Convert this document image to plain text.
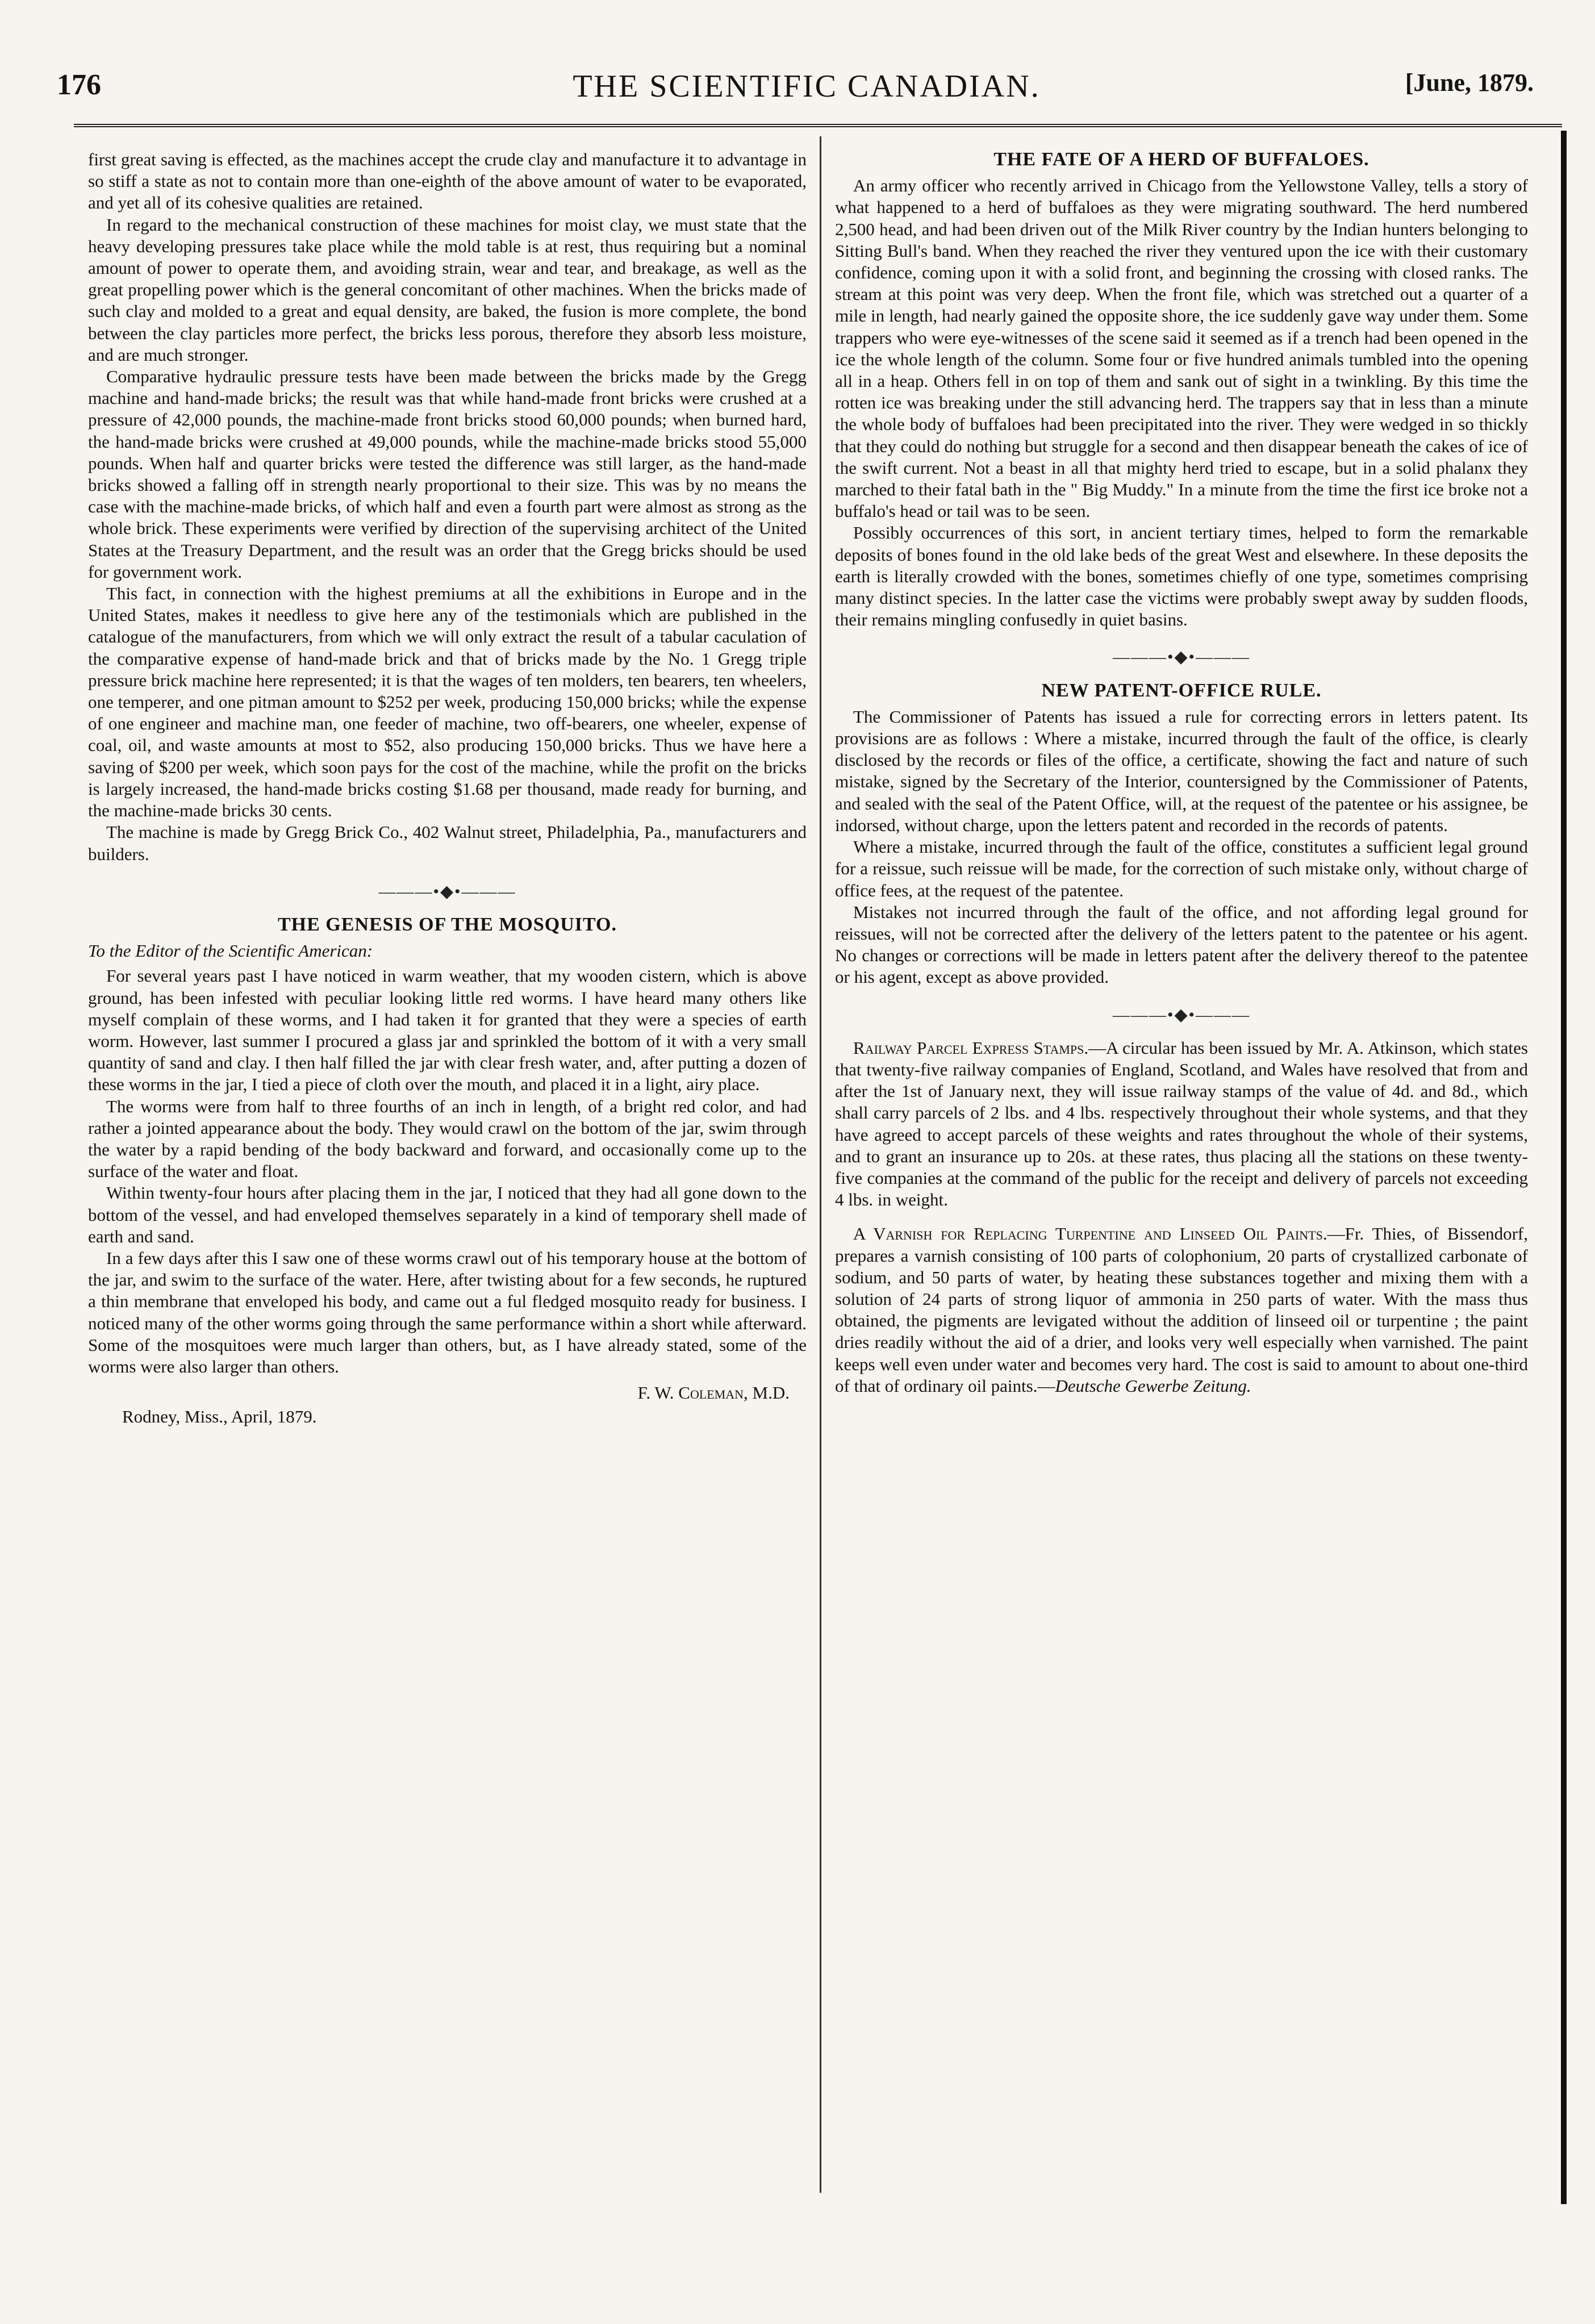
176	THE SCIENTIFIC CANADIAN.	[June, 1879.

first great saving is effected, as the machines accept the crude clay and manufacture it to advantage in so stiff a state as not to contain more than one-eighth of the above amount of water to be evaporated, and yet all of its cohesive qualities are retained.

In regard to the mechanical construction of these machines for moist clay, we must state that the heavy developing pressures take place while the mold table is at rest, thus requiring but a nominal amount of power to operate them, and avoiding strain, wear and tear, and breakage, as well as the great propelling power which is the general concomitant of other machines. When the bricks made of such clay and molded to a great and equal density, are baked, the fusion is more complete, the bond between the clay particles more perfect, the bricks less porous, therefore they absorb less moisture, and are much stronger.

Comparative hydraulic pressure tests have been made between the bricks made by the Gregg machine and hand-made bricks; the result was that while hand-made front bricks were crushed at a pressure of 42,000 pounds, the machine-made front bricks stood 60,000 pounds; when burned hard, the hand-made bricks were crushed at 49,000 pounds, while the machine-made bricks stood 55,000 pounds. When half and quarter bricks were tested the difference was still larger, as the hand-made bricks showed a falling off in strength nearly proportional to their size. This was by no means the case with the machine-made bricks, of which half and even a fourth part were almost as strong as the whole brick. These experiments were verified by direction of the supervising architect of the United States at the Treasury Department, and the result was an order that the Gregg bricks should be used for government work.

This fact, in connection with the highest premiums at all the exhibitions in Europe and in the United States, makes it needless to give here any of the testimonials which are published in the catalogue of the manufacturers, from which we will only extract the result of a tabular caculation of the comparative expense of hand-made brick and that of bricks made by the No. 1 Gregg triple pressure brick machine here represented; it is that the wages of ten molders, ten bearers, ten wheelers, one temperer, and one pitman amount to $252 per week, producing 150,000 bricks; while the expense of one engineer and machine man, one feeder of machine, two off-bearers, one wheeler, expense of coal, oil, and waste amounts at most to $52, also producing 150,000 bricks. Thus we have here a saving of $200 per week, which soon pays for the cost of the machine, while the profit on the bricks is largely increased, the hand-made bricks costing $1.68 per thousand, made ready for burning, and the machine-made bricks 30 cents.

The machine is made by Gregg Brick Co., 402 Walnut street, Philadelphia, Pa., manufacturers and builders.

———•◆•———
THE GENESIS OF THE MOSQUITO.
To the Editor of the Scientific American:

For several years past I have noticed in warm weather, that my wooden cistern, which is above ground, has been infested with peculiar looking little red worms. I have heard many others like myself complain of these worms, and I had taken it for granted that they were a species of earth worm. However, last summer I procured a glass jar and sprinkled the bottom of it with a very small quantity of sand and clay. I then half filled the jar with clear fresh water, and, after putting a dozen of these worms in the jar, I tied a piece of cloth over the mouth, and placed it in a light, airy place.

The worms were from half to three fourths of an inch in length, of a bright red color, and had rather a jointed appearance about the body. They would crawl on the bottom of the jar, swim through the water by a rapid bending of the body backward and forward, and occasionally come up to the surface of the water and float.

Within twenty-four hours after placing them in the jar, I noticed that they had all gone down to the bottom of the vessel, and had enveloped themselves separately in a kind of temporary shell made of earth and sand.

In a few days after this I saw one of these worms crawl out of his temporary house at the bottom of the jar, and swim to the surface of the water. Here, after twisting about for a few seconds, he ruptured a thin membrane that enveloped his body, and came out a ful fledged mosquito ready for business. I noticed many of the other worms going through the same performance within a short while afterward. Some of the mosquitoes were much larger than others, but, as I have already stated, some of the worms were also larger than others.

F. W. Coleman, M.D.
Rodney, Miss., April, 1879.
THE FATE OF A HERD OF BUFFALOES.

An army officer who recently arrived in Chicago from the Yellowstone Valley, tells a story of what happened to a herd of buffaloes as they were migrating southward. The herd numbered 2,500 head, and had been driven out of the Milk River country by the Indian hunters belonging to Sitting Bull's band. When they reached the river they ventured upon the ice with their customary confidence, coming upon it with a solid front, and beginning the crossing with closed ranks. The stream at this point was very deep. When the front file, which was stretched out a quarter of a mile in length, had nearly gained the opposite shore, the ice suddenly gave way under them. Some trappers who were eye-witnesses of the scene said it seemed as if a trench had been opened in the ice the whole length of the column. Some four or five hundred animals tumbled into the opening all in a heap. Others fell in on top of them and sank out of sight in a twinkling. By this time the rotten ice was breaking under the still advancing herd. The trappers say that in less than a minute the whole body of buffaloes had been precipitated into the river. They were wedged in so thickly that they could do nothing but struggle for a second and then disappear beneath the cakes of ice of the swift current. Not a beast in all that mighty herd tried to escape, but in a solid phalanx they marched to their fatal bath in the " Big Muddy." In a minute from the time the first ice broke not a buffalo's head or tail was to be seen.

Possibly occurrences of this sort, in ancient tertiary times, helped to form the remarkable deposits of bones found in the old lake beds of the great West and elsewhere. In these deposits the earth is literally crowded with the bones, sometimes chiefly of one type, sometimes comprising many distinct species. In the latter case the victims were probably swept away by sudden floods, their remains mingling confusedly in quiet basins.

———•◆•———
NEW PATENT-OFFICE RULE.

The Commissioner of Patents has issued a rule for correcting errors in letters patent. Its provisions are as follows : Where a mistake, incurred through the fault of the office, is clearly disclosed by the records or files of the office, a certificate, showing the fact and nature of such mistake, signed by the Secretary of the Interior, countersigned by the Commissioner of Patents, and sealed with the seal of the Patent Office, will, at the request of the patentee or his assignee, be indorsed, without charge, upon the letters patent and recorded in the records of patents.

Where a mistake, incurred through the fault of the office, constitutes a sufficient legal ground for a reissue, such reissue will be made, for the correction of such mistake only, without charge of office fees, at the request of the patentee.

Mistakes not incurred through the fault of the office, and not affording legal ground for reissues, will not be corrected after the delivery of the letters patent to the patentee or his agent. No changes or corrections will be made in letters patent after the delivery thereof to the patentee or his agent, except as above provided.

———•◆•———

Railway Parcel Express Stamps.—A circular has been issued by Mr. A. Atkinson, which states that twenty-five railway companies of England, Scotland, and Wales have resolved that from and after the 1st of January next, they will issue railway stamps of the value of 4d. and 8d., which shall carry parcels of 2 lbs. and 4 lbs. respectively throughout their whole systems, and that they have agreed to accept parcels of these weights and rates throughout the whole of their systems, and to grant an insurance up to 20s. at these rates, thus placing all the stations on these twenty-five companies at the command of the public for the receipt and delivery of parcels not exceeding 4 lbs. in weight.

A Varnish for Replacing Turpentine and Linseed Oil Paints.—Fr. Thies, of Bissendorf, prepares a varnish consisting of 100 parts of colophonium, 20 parts of crystallized carbonate of sodium, and 50 parts of water, by heating these substances together and mixing them with a solution of 24 parts of strong liquor of ammonia in 250 parts of water. With the mass thus obtained, the pigments are levigated without the addition of linseed oil or turpentine ; the paint dries readily without the aid of a drier, and looks very well especially when varnished. The paint keeps well even under water and becomes very hard. The cost is said to amount to about one-third of that of ordinary oil paints.—Deutsche Gewerbe Zeitung.
